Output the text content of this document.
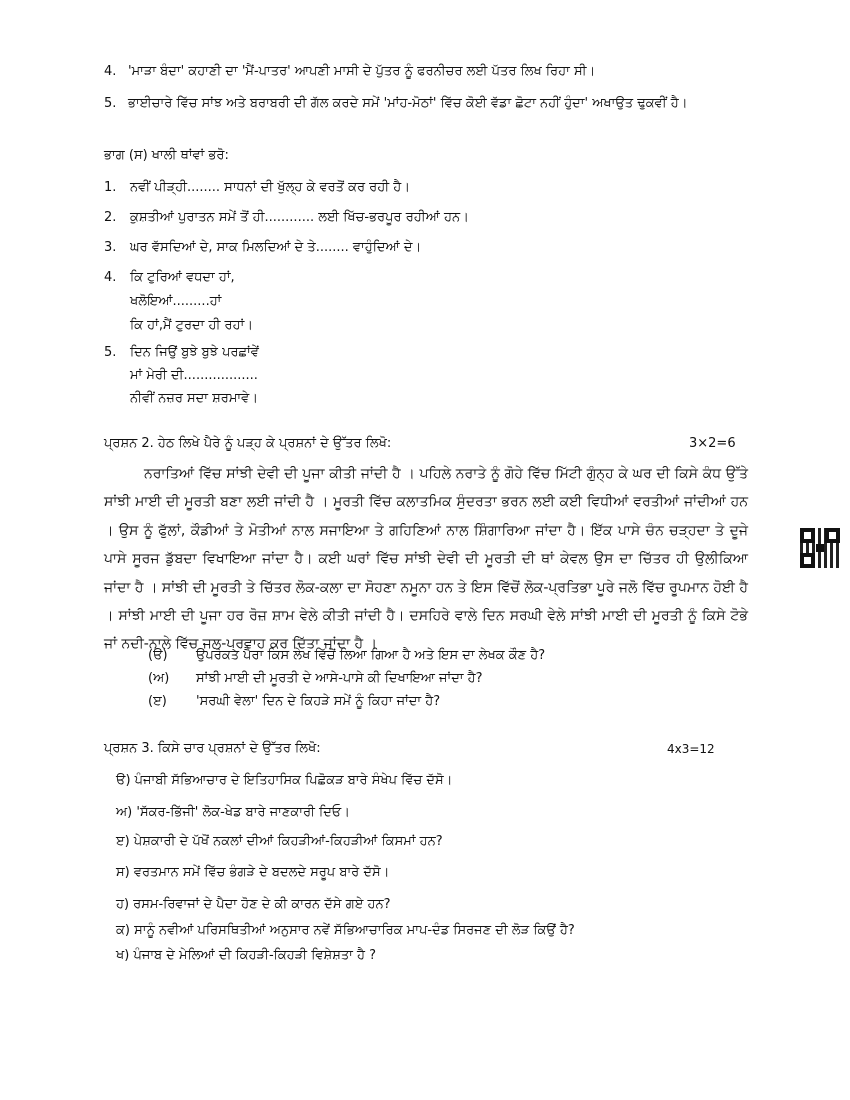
4. 'ਮਾੜਾ ਬੰਦਾ' ਕਹਾਣੀ ਦਾ 'ਮੈਂ-ਪਾਤਰ' ਆਪਣੀ ਮਾਸੀ ਦੇ ਪੁੱਤਰ ਨੂੰ ਫਰਨੀਚਰ ਲਈ ਪੱਤਰ ਲਿਖ ਰਿਹਾ ਸੀ।
5. ਭਾਈਚਾਰੇ ਵਿੱਚ ਸਾਂਝ ਅਤੇ ਬਰਾਬਰੀ ਦੀ ਗੱਲ ਕਰਦੇ ਸਮੇਂ 'ਮਾਂਹ-ਮੋਠਾਂ' ਵਿੱਚ ਕੋਈ ਵੱਡਾ ਛੋਟਾ ਨਹੀਂ ਹੁੰਦਾ' ਅਖਾਉਤ ਢੁਕਵੀਂ ਹੈ।
ਭਾਗ (ਸ) ਖਾਲੀ ਥਾਂਵਾਂ ਭਰੋ:
1. ਨਵੀਂ ਪੀੜ੍ਹੀ........ ਸਾਧਨਾਂ ਦੀ ਖੁੱਲ੍ਹ ਕੇ ਵਰਤੋਂ ਕਰ ਰਹੀ ਹੈ।
2. ਕੁਸ਼ਤੀਆਂ ਪੁਰਾਤਨ ਸਮੇਂ ਤੋਂ ਹੀ............ ਲਈ ਖਿੱਚ-ਭਰਪੂਰ ਰਹੀਆਂ ਹਨ।
3. ਘਰ ਵੱਸਦਿਆਂ ਦੇ, ਸਾਕ ਮਿਲਦਿਆਂ ਦੇ ਤੇ........ ਵਾਹੁੰਦਿਆਂ ਦੇ।
4. ਕਿ ਟੁਰਿਆਂ ਵਧਦਾ ਹਾਂ,
ਖਲੋਇਆਂ.........ਹਾਂ
ਕਿ ਹਾਂ,ਮੈਂ ਟੁਰਦਾ ਹੀ ਰਹਾਂ।
5. ਦਿਨ ਜਿਉਂ ਬੁਝੇ ਬੁਝੇ ਪਰਛਾਂਵੇਂ
ਮਾਂ ਮੇਰੀ ਦੀ..................
ਨੀਵੀਂ ਨਜ਼ਰ ਸਦਾ ਸ਼ਰਮਾਵੇ।
ਪ੍ਰਸ਼ਨ 2. ਹੇਠ ਲਿਖੇ ਪੈਰੇ ਨੂੰ ਪੜ੍ਹ ਕੇ ਪ੍ਰਸ਼ਨਾਂ ਦੇ ਉੱਤਰ ਲਿਖੋ:	3×2=6
ਨਰਾਤਿਆਂ ਵਿੱਚ ਸਾਂਝੀ ਦੇਵੀ ਦੀ ਪੂਜਾ ਕੀਤੀ ਜਾਂਦੀ ਹੈ । ਪਹਿਲੇ ਨਰਾਤੇ ਨੂੰ ਗੋਹੇ ਵਿੱਚ ਮਿੱਟੀ ਗੁੰਨ੍ਹ ਕੇ ਘਰ ਦੀ ਕਿਸੇ ਕੰਧ ਉੱਤੇ ਸਾਂਝੀ ਮਾਈ ਦੀ ਮੂਰਤੀ ਬਣਾ ਲਈ ਜਾਂਦੀ ਹੈ । ਮੂਰਤੀ ਵਿੱਚ ਕਲਾਤਮਿਕ ਸੁੰਦਰਤਾ ਭਰਨ ਲਈ ਕਈ ਵਿਧੀਆਂ ਵਰਤੀਆਂ ਜਾਂਦੀਆਂ ਹਨ । ਉਸ ਨੂੰ ਫੁੱਲਾਂ, ਕੌਡੀਆਂ ਤੇ ਮੋਤੀਆਂ ਨਾਲ ਸਜਾਇਆ ਤੇ ਗਹਿਣਿਆਂ ਨਾਲ ਸ਼ਿੰਗਾਰਿਆ ਜਾਂਦਾ ਹੈ। ਇੱਕ ਪਾਸੇ ਚੰਨ ਚੜ੍ਹਦਾ ਤੇ ਦੂਜੇ ਪਾਸੇ ਸੂਰਜ ਡੁੱਬਦਾ ਵਿਖਾਇਆ ਜਾਂਦਾ ਹੈ। ਕਈ ਘਰਾਂ ਵਿੱਚ ਸਾਂਝੀ ਦੇਵੀ ਦੀ ਮੂਰਤੀ ਦੀ ਥਾਂ ਕੇਵਲ ਉਸ ਦਾ ਚਿੱਤਰ ਹੀ ਉਲੀਕਿਆ ਜਾਂਦਾ ਹੈ । ਸਾਂਝੀ ਦੀ ਮੂਰਤੀ ਤੇ ਚਿੱਤਰ ਲੋਕ-ਕਲਾ ਦਾ ਸੋਹਣਾ ਨਮੂਨਾ ਹਨ ਤੇ ਇਸ ਵਿੱਚੋਂ ਲੋਕ-ਪ੍ਰਤਿਭਾ ਪੂਰੇ ਜਲੋ ਵਿੱਚ ਰੂਪਮਾਨ ਹੋਈ ਹੈ । ਸਾਂਝੀ ਮਾਈ ਦੀ ਪੂਜਾ ਹਰ ਰੋਜ਼ ਸ਼ਾਮ ਵੇਲੇ ਕੀਤੀ ਜਾਂਦੀ ਹੈ। ਦਸਹਿਰੇ ਵਾਲੇ ਦਿਨ ਸਰਘੀ ਵੇਲੇ ਸਾਂਝੀ ਮਾਈ ਦੀ ਮੂਰਤੀ ਨੂੰ ਕਿਸੇ ਟੋਭੇ ਜਾਂ ਨਦੀ-ਨਾਲੇ ਵਿੱਚ ਜਲ-ਪ੍ਰਵਾਹ ਕਰ ਦਿੱਤਾ ਜਾਂਦਾ ਹੈ ।
(ੳ) ਉਪਰੋਕਤ ਪੈਰਾ ਕਿਸ ਲੇਖ ਵਿੱਚੋਂ ਲਿਆ ਗਿਆ ਹੈ ਅਤੇ ਇਸ ਦਾ ਲੇਖਕ ਕੌਣ ਹੈ?
(ਅ) ਸਾਂਝੀ ਮਾਈ ਦੀ ਮੂਰਤੀ ਦੇ ਆਸੇ-ਪਾਸੇ ਕੀ ਦਿਖਾਇਆ ਜਾਂਦਾ ਹੈ?
(ੲ) 'ਸਰਘੀ ਵੇਲਾ' ਦਿਨ ਦੇ ਕਿਹੜੇ ਸਮੇਂ ਨੂੰ ਕਿਹਾ ਜਾਂਦਾ ਹੈ?
ਪ੍ਰਸ਼ਨ 3. ਕਿਸੇ ਚਾਰ ਪ੍ਰਸ਼ਨਾਂ ਦੇ ਉੱਤਰ ਲਿਖੋ:	4x3=12
ੳ) ਪੰਜਾਬੀ ਸੱਭਿਆਚਾਰ ਦੇ ਇਤਿਹਾਸਿਕ ਪਿਛੋਕੜ ਬਾਰੇ ਸੰਖੇਪ ਵਿੱਚ ਦੱਸੋ।
ਅ) 'ਸੱਕਰ-ਭਿੱਜੀ' ਲੋਕ-ਖੇਡ ਬਾਰੇ ਜਾਣਕਾਰੀ ਦਿਓ।
ੲ) ਪੇਸ਼ਕਾਰੀ ਦੇ ਪੱਖੋਂ ਨਕਲਾਂ ਦੀਆਂ ਕਿਹੜੀਆਂ-ਕਿਹੜੀਆਂ ਕਿਸਮਾਂ ਹਨ?
ਸ) ਵਰਤਮਾਨ ਸਮੇਂ ਵਿੱਚ ਭੰਗੜੇ ਦੇ ਬਦਲਦੇ ਸਰੂਪ ਬਾਰੇ ਦੱਸੋ।
ਹ) ਰਸਮ-ਰਿਵਾਜਾਂ ਦੇ ਪੈਦਾ ਹੋਣ ਦੇ ਕੀ ਕਾਰਨ ਦੱਸੇ ਗਏ ਹਨ?
ਕ) ਸਾਨੂੰ ਨਵੀਆਂ ਪਰਿਸਥਿਤੀਆਂ ਅਨੁਸਾਰ ਨਵੇਂ ਸੱਭਿਆਚਾਰਿਕ ਮਾਪ-ਦੰਡ ਸਿਰਜਣ ਦੀ ਲੋੜ ਕਿਉਂ ਹੈ?
ਖ) ਪੰਜਾਬ ਦੇ ਮੇਲਿਆਂ ਦੀ ਕਿਹੜੀ-ਕਿਹੜੀ ਵਿਸ਼ੇਸ਼ਤਾ ਹੈ ?
